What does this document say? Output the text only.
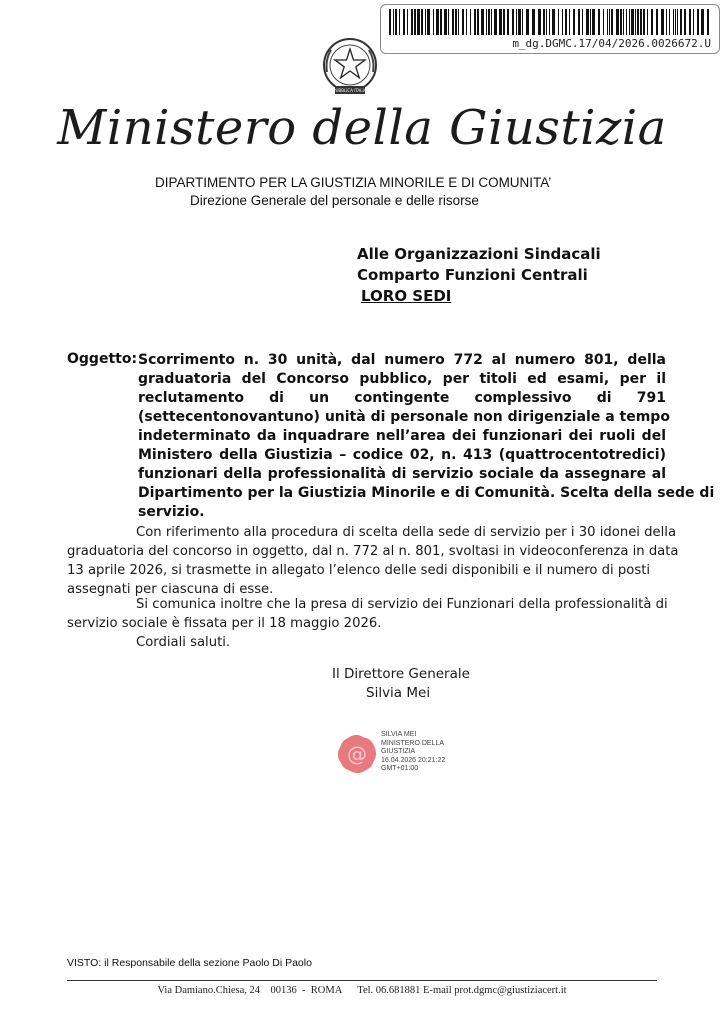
m_dg.DGMC.17/04/2026.0026672.U
REPUBBLICA ITALIANA
Ministero della Giustizia
DIPARTIMENTO PER LA GIUSTIZIA MINORILE E DI COMUNITA’
Direzione Generale del personale e delle risorse
Alle Organizzazioni Sindacali
Comparto Funzioni Centrali
LORO SEDI
Oggetto: Scorrimento n. 30 unità, dal numero 772 al numero 801, della
graduatoria del Concorso pubblico, per titoli ed esami, per il
reclutamento di un contingente complessivo di 791
(settecentonovantuno) unità di personale non dirigenziale a tempo
indeterminato da inquadrare nell’area dei funzionari dei ruoli del
Ministero della Giustizia – codice 02, n. 413 (quattrocentotredici)
funzionari della professionalità di servizio sociale da assegnare al
Dipartimento per la Giustizia Minorile e di Comunità. Scelta della sede di
servizio.
Con riferimento alla procedura di scelta della sede di servizio per i 30 idonei della
graduatoria del concorso in oggetto, dal n. 772 al n. 801, svoltasi in videoconferenza in data
13 aprile 2026, si trasmette in allegato l’elenco delle sedi disponibili e il numero di posti
assegnati per ciascuna di esse.
Si comunica inoltre che la presa di servizio dei Funzionari della professionalità di
servizio sociale è fissata per il 18 maggio 2026.
Cordiali saluti.
Il Direttore Generale
Silvia Mei
@
SILVIA MEI
MINISTERO DELLA
GIUSTIZIA
16.04.2026 20:21:22
GMT+01:00
VISTO: il Responsabile della sezione Paolo Di Paolo
Via Damiano.Chiesa, 24    00136  -  ROMA      Tel. 06.681881 E-mail prot.dgmc@giustiziacert.it
